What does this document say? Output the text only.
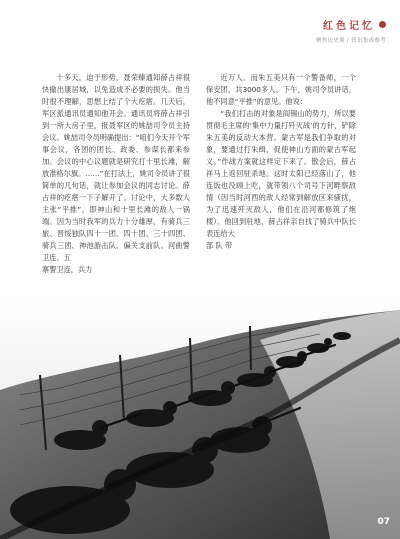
红色记忆
聚焦历史观 / 资讯集成参考

十多天。迫于形势，聂荣臻通知薛占祥很快撤出康居城，以免造成不必要的损失。他当时很不理解，思想上结了个大疙瘩。几天后，军区派通讯员通知他开会。通讯员将薛占祥引到一所大房子里，报聂军区的姚喆司令员主持会议。姚喆司令员明确提出：“咱们今天开个军事会议，各团的团长、政委、参谋长都来参加。会议的中心议题就是研究打十里长滩，解放准格尔旗。……”在打法上，姚司令员讲了很简单的几句话，就让参加会议的同志讨论。薛占祥的疙瘩一下子解开了。讨论中，大多数人主张“平推”，即神山和十里长滩的敌人一锅端。因为当时我军的兵力十分雄厚，有骑兵三旅、晋绥独队四十一团、四十团、三十四团、骑兵三团、神池游击队、偏关支前队、河曲警卫连、五

寨警卫连，兵力

近万人。而朱五美只有一个警备师，一个保安团，共3000多人。下午，姚司令员讲话，他不同意“平推”的意见。他说：

“我们打击的对象是阎锡山的势力，所以要贯彻毛主席的‘集中力量打歼灭战’的方针，铲除朱五美的反动大本营。蒙古军是我们争取的对象，要通过打朱缉，促使神山方面的蒙古军起义。”作战方案就这样定下来了。散会后，薛占祥马上返回驻杀地。这时太阳已经落山了，他连饭也没顾上吃，就带领八个司号下河畔察敌情（因当时河西的敌人经常到解放区来骚扰，为了迅速歼灭敌人，他们在沿河都修筑了炮楼）。他回到驻地，薛占祥亲自找了骑兵中队长表连给大

部 队 带

07
